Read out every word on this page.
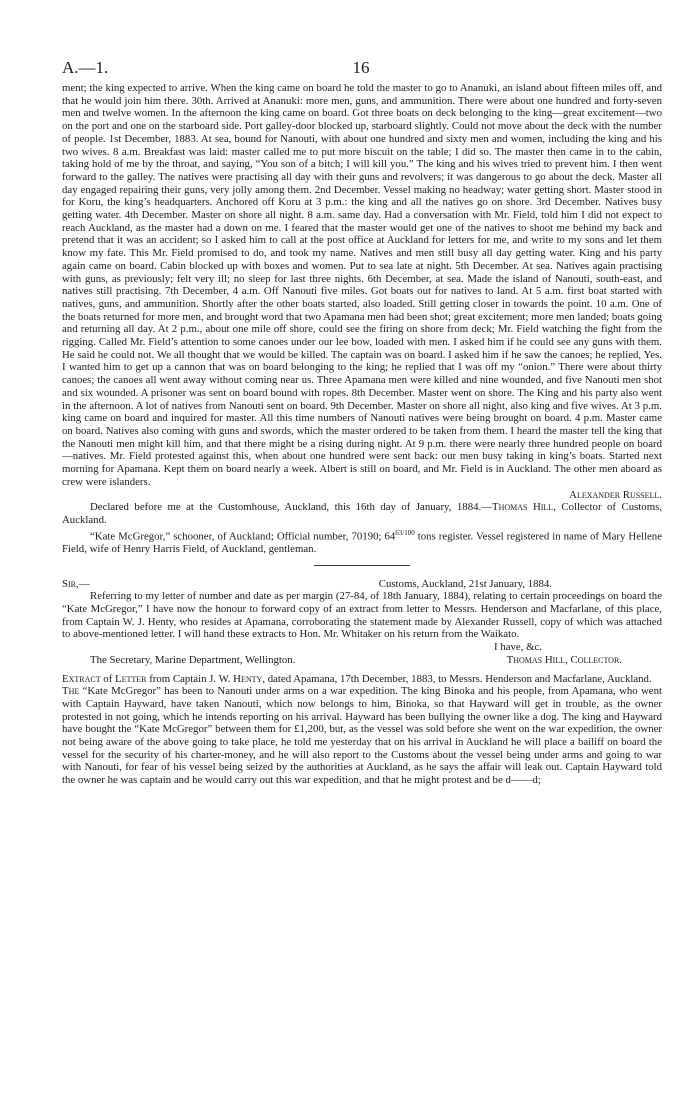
A.—1.	16

ment; the king expected to arrive. When the king came on board he told the master to go to Ananuki, an island about fifteen miles off, and that he would join him there. 30th. Arrived at Ananuki: more men, guns, and ammunition. There were about one hundred and forty-seven men and twelve women. In the afternoon the king came on board. Got three boats on deck belonging to the king—great excitement—two on the port and one on the starboard side. Port galley-door blocked up, starboard slightly. Could not move about the deck with the number of people. 1st December, 1883. At sea, bound for Nanouti, with about one hundred and sixty men and women, including the king and his two wives. 8 a.m. Breakfast was laid: master called me to put more biscuit on the table; I did so. The master then came in to the cabin, taking hold of me by the throat, and saying, “You son of a bitch; I will kill you.” The king and his wives tried to prevent him. I then went forward to the galley. The natives were practising all day with their guns and revolvers; it was dangerous to go about the deck. Master all day engaged repairing their guns, very jolly among them. 2nd December. Vessel making no headway; water getting short. Master stood in for Koru, the king’s headquarters. Anchored off Koru at 3 p.m.: the king and all the natives go on shore. 3rd December. Natives busy getting water. 4th December. Master on shore all night. 8 a.m. same day. Had a conversation with Mr. Field, told him I did not expect to reach Auckland, as the master had a down on me. I feared that the master would get one of the natives to shoot me behind my back and pretend that it was an accident; so I asked him to call at the post office at Auckland for letters for me, and write to my sons and let them know my fate. This Mr. Field promised to do, and took my name. Natives and men still busy all day getting water. King and his party again came on board. Cabin blocked up with boxes and women. Put to sea late at night. 5th December. At sea. Natives again practising with guns, as previously; felt very ill; no sleep for last three nights. 6th December, at sea. Made the island of Nanouti, south-east, and natives still practising. 7th December, 4 a.m. Off Nanouti five miles. Got boats out for natives to land. At 5 a.m. first boat started with natives, guns, and ammunition. Shortly after the other boats started, also loaded. Still getting closer in towards the point. 10 a.m. One of the boats returned for more men, and brought word that two Apamana men had been shot; great excitement; more men landed; boats going and returning all day. At 2 p.m., about one mile off shore, could see the firing on shore from deck; Mr. Field watching the fight from the rigging. Called Mr. Field’s attention to some canoes under our lee bow, loaded with men. I asked him if he could see any guns with them. He said he could not. We all thought that we would be killed. The captain was on board. I asked him if he saw the canoes; he replied, Yes. I wanted him to get up a cannon that was on board belonging to the king; he replied that I was off my “onion.” There were about thirty canoes; the canoes all went away without coming near us. Three Apamana men were killed and nine wounded, and five Nanouti men shot and six wounded. A prisoner was sent on board bound with ropes. 8th December. Master went on shore. The King and his party also went in the afternoon. A lot of natives from Nanouti sent on board. 9th December. Master on shore all night, also king and five wives. At 3 p.m. king came on board and inquired for master. All this time numbers of Nanouti natives were being brought on board. 4 p.m. Master came on board. Natives also coming with guns and swords, which the master ordered to be taken from them. I heard the master tell the king that the Nanouti men might kill him, and that there might be a rising during night. At 9 p.m. there were nearly three hundred people on board—natives. Mr. Field protested against this, when about one hundred were sent back: our men busy taking in king’s boats. Started next morning for Apamana. Kept them on board nearly a week. Albert is still on board, and Mr. Field is in Auckland. The other men aboard as crew were islanders.

Alexander Russell.

Declared before me at the Customhouse, Auckland, this 16th day of January, 1884.—Thomas Hill, Collector of Customs, Auckland.

“Kate McGregor,” schooner, of Auckland; Official number, 70190; $64^{63/100}$ tons register. Vessel registered in name of Mary Hellene Field, wife of Henry Harris Field, of Auckland, gentleman.

Sir,—	Customs, Auckland, 21st January, 1884.

Referring to my letter of number and date as per margin (27-84, of 18th January, 1884), relating to certain proceedings on board the “Kate McGregor,” I have now the honour to forward copy of an extract from letter to Messrs. Henderson and Macfarlane, of this place, from Captain W. J. Henty, who resides at Apamana, corroborating the statement made by Alexander Russell, copy of which was attached to above-mentioned letter. I will hand these extracts to Hon. Mr. Whitaker on his return from the Waikato.

I have, &c.
The Secretary, Marine Department, Wellington.	Thomas Hill, Collector.

Extract of Letter from Captain J. W. Henty, dated Apamana, 17th December, 1883, to Messrs. Henderson and Macfarlane, Auckland.

The “Kate McGregor” has been to Nanouti under arms on a war expedition. The king Binoka and his people, from Apamana, who went with Captain Hayward, have taken Nanouti, which now belongs to him, Binoka, so that Hayward will get in trouble, as the owner protested in not going, which he intends reporting on his arrival. Hayward has been bullying the owner like a dog. The king and Hayward have bought the “Kate McGregor” between them for £1,200, but, as the vessel was sold before she went on the war expedition, the owner not being aware of the above going to take place, he told me yesterday that on his arrival in Auckland he will place a bailiff on board the vessel for the security of his charter-money, and he will also report to the Customs about the vessel being under arms and going to war with Nanouti, for fear of his vessel being seized by the authorities at Auckland, as he says the affair will leak out. Captain Hayward told the owner he was captain and he would carry out this war expedition, and that he might protest and be d——d;
